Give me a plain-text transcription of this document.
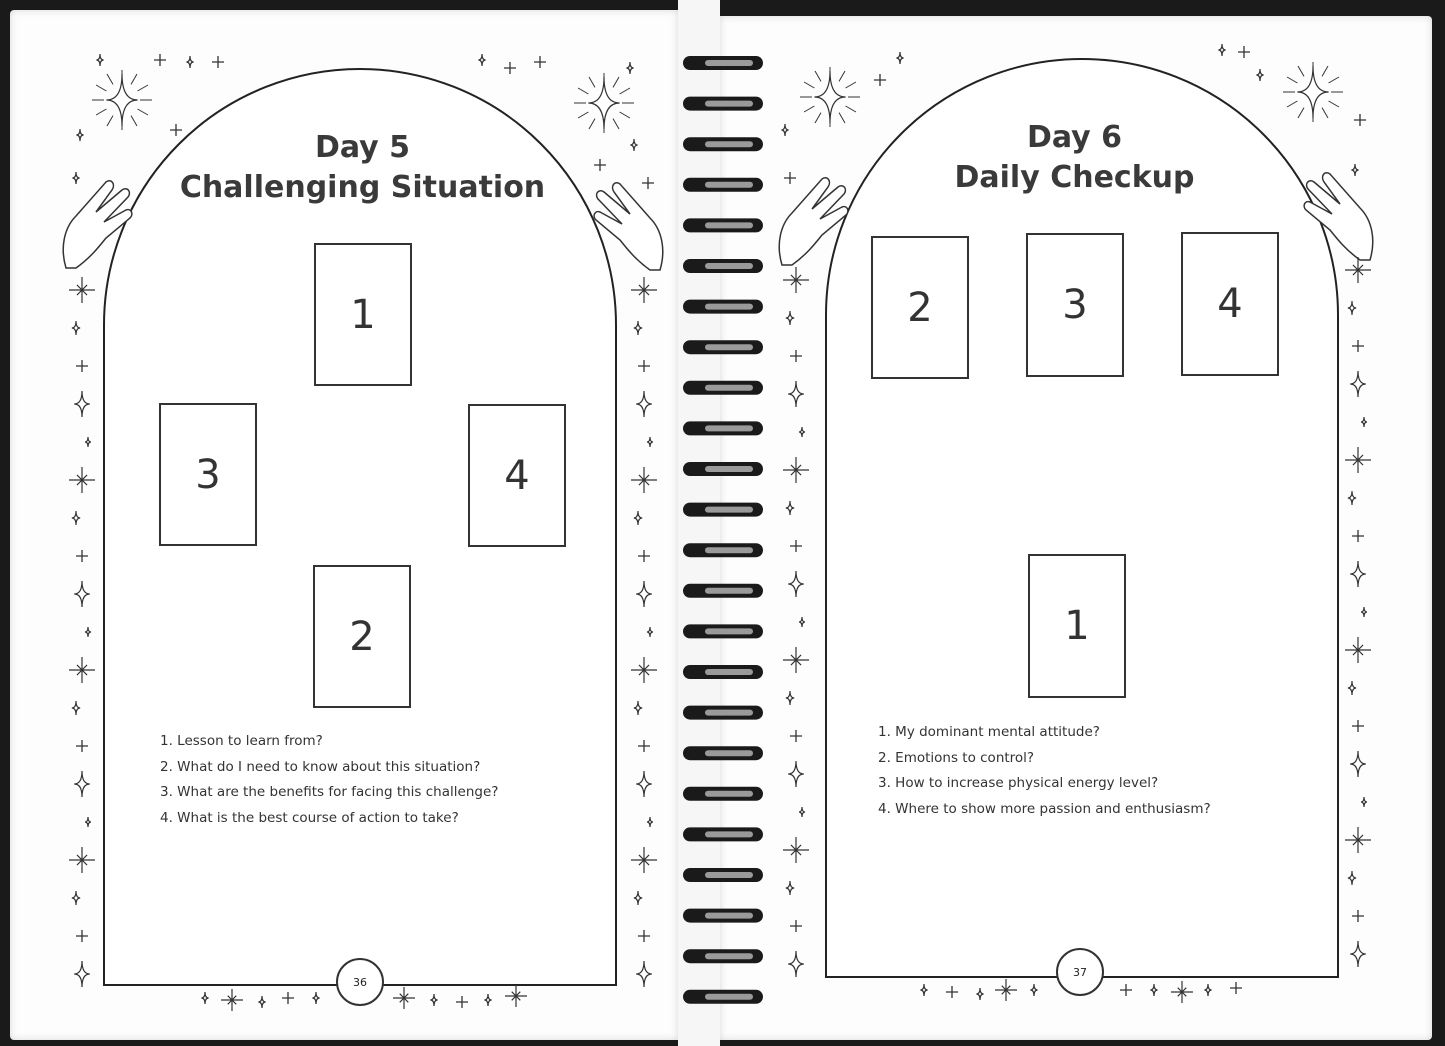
Day 5
Challenging Situation
1
3	4
2
1. Lesson to learn from?
2. What do I need to know about this situation?
3. What are the benefits for facing this challenge?
4. What is the best course of action to take?
36
Day 6
Daily Checkup
2	3	4
1
1. My dominant mental attitude?
2. Emotions to control?
3. How to increase physical energy level?
4. Where to show more passion and enthusiasm?
37
